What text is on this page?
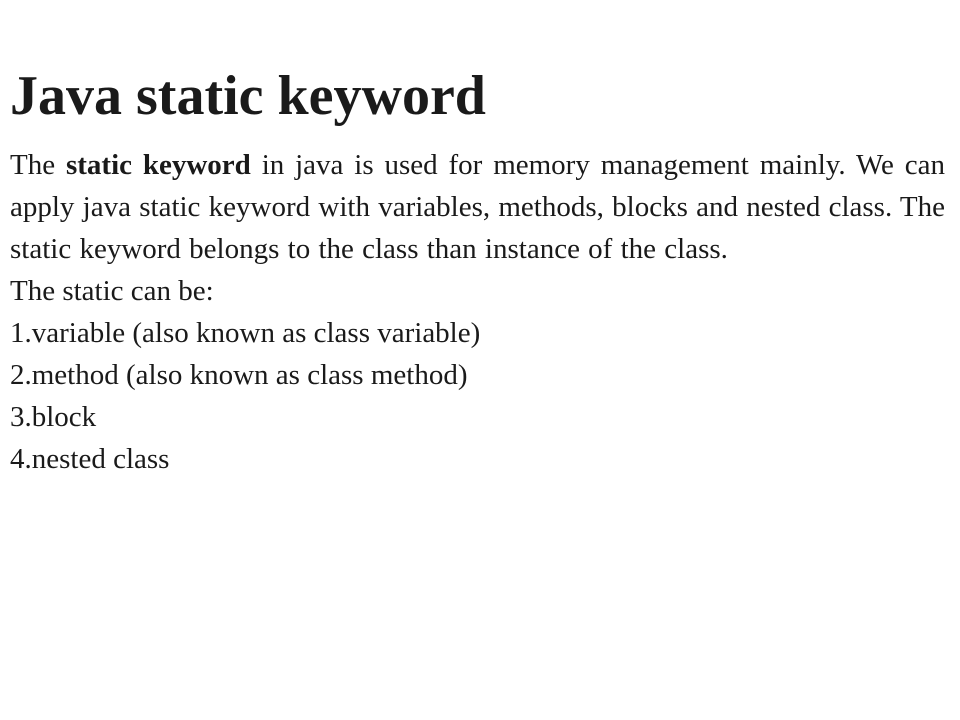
Java static keyword

The static keyword in java is used for memory management mainly. We can apply java static keyword with variables, methods, blocks and nested class. The static keyword belongs to the class than instance of the class.

The static can be:

1.variable (also known as class variable)
2.method (also known as class method)
3.block
4.nested class
